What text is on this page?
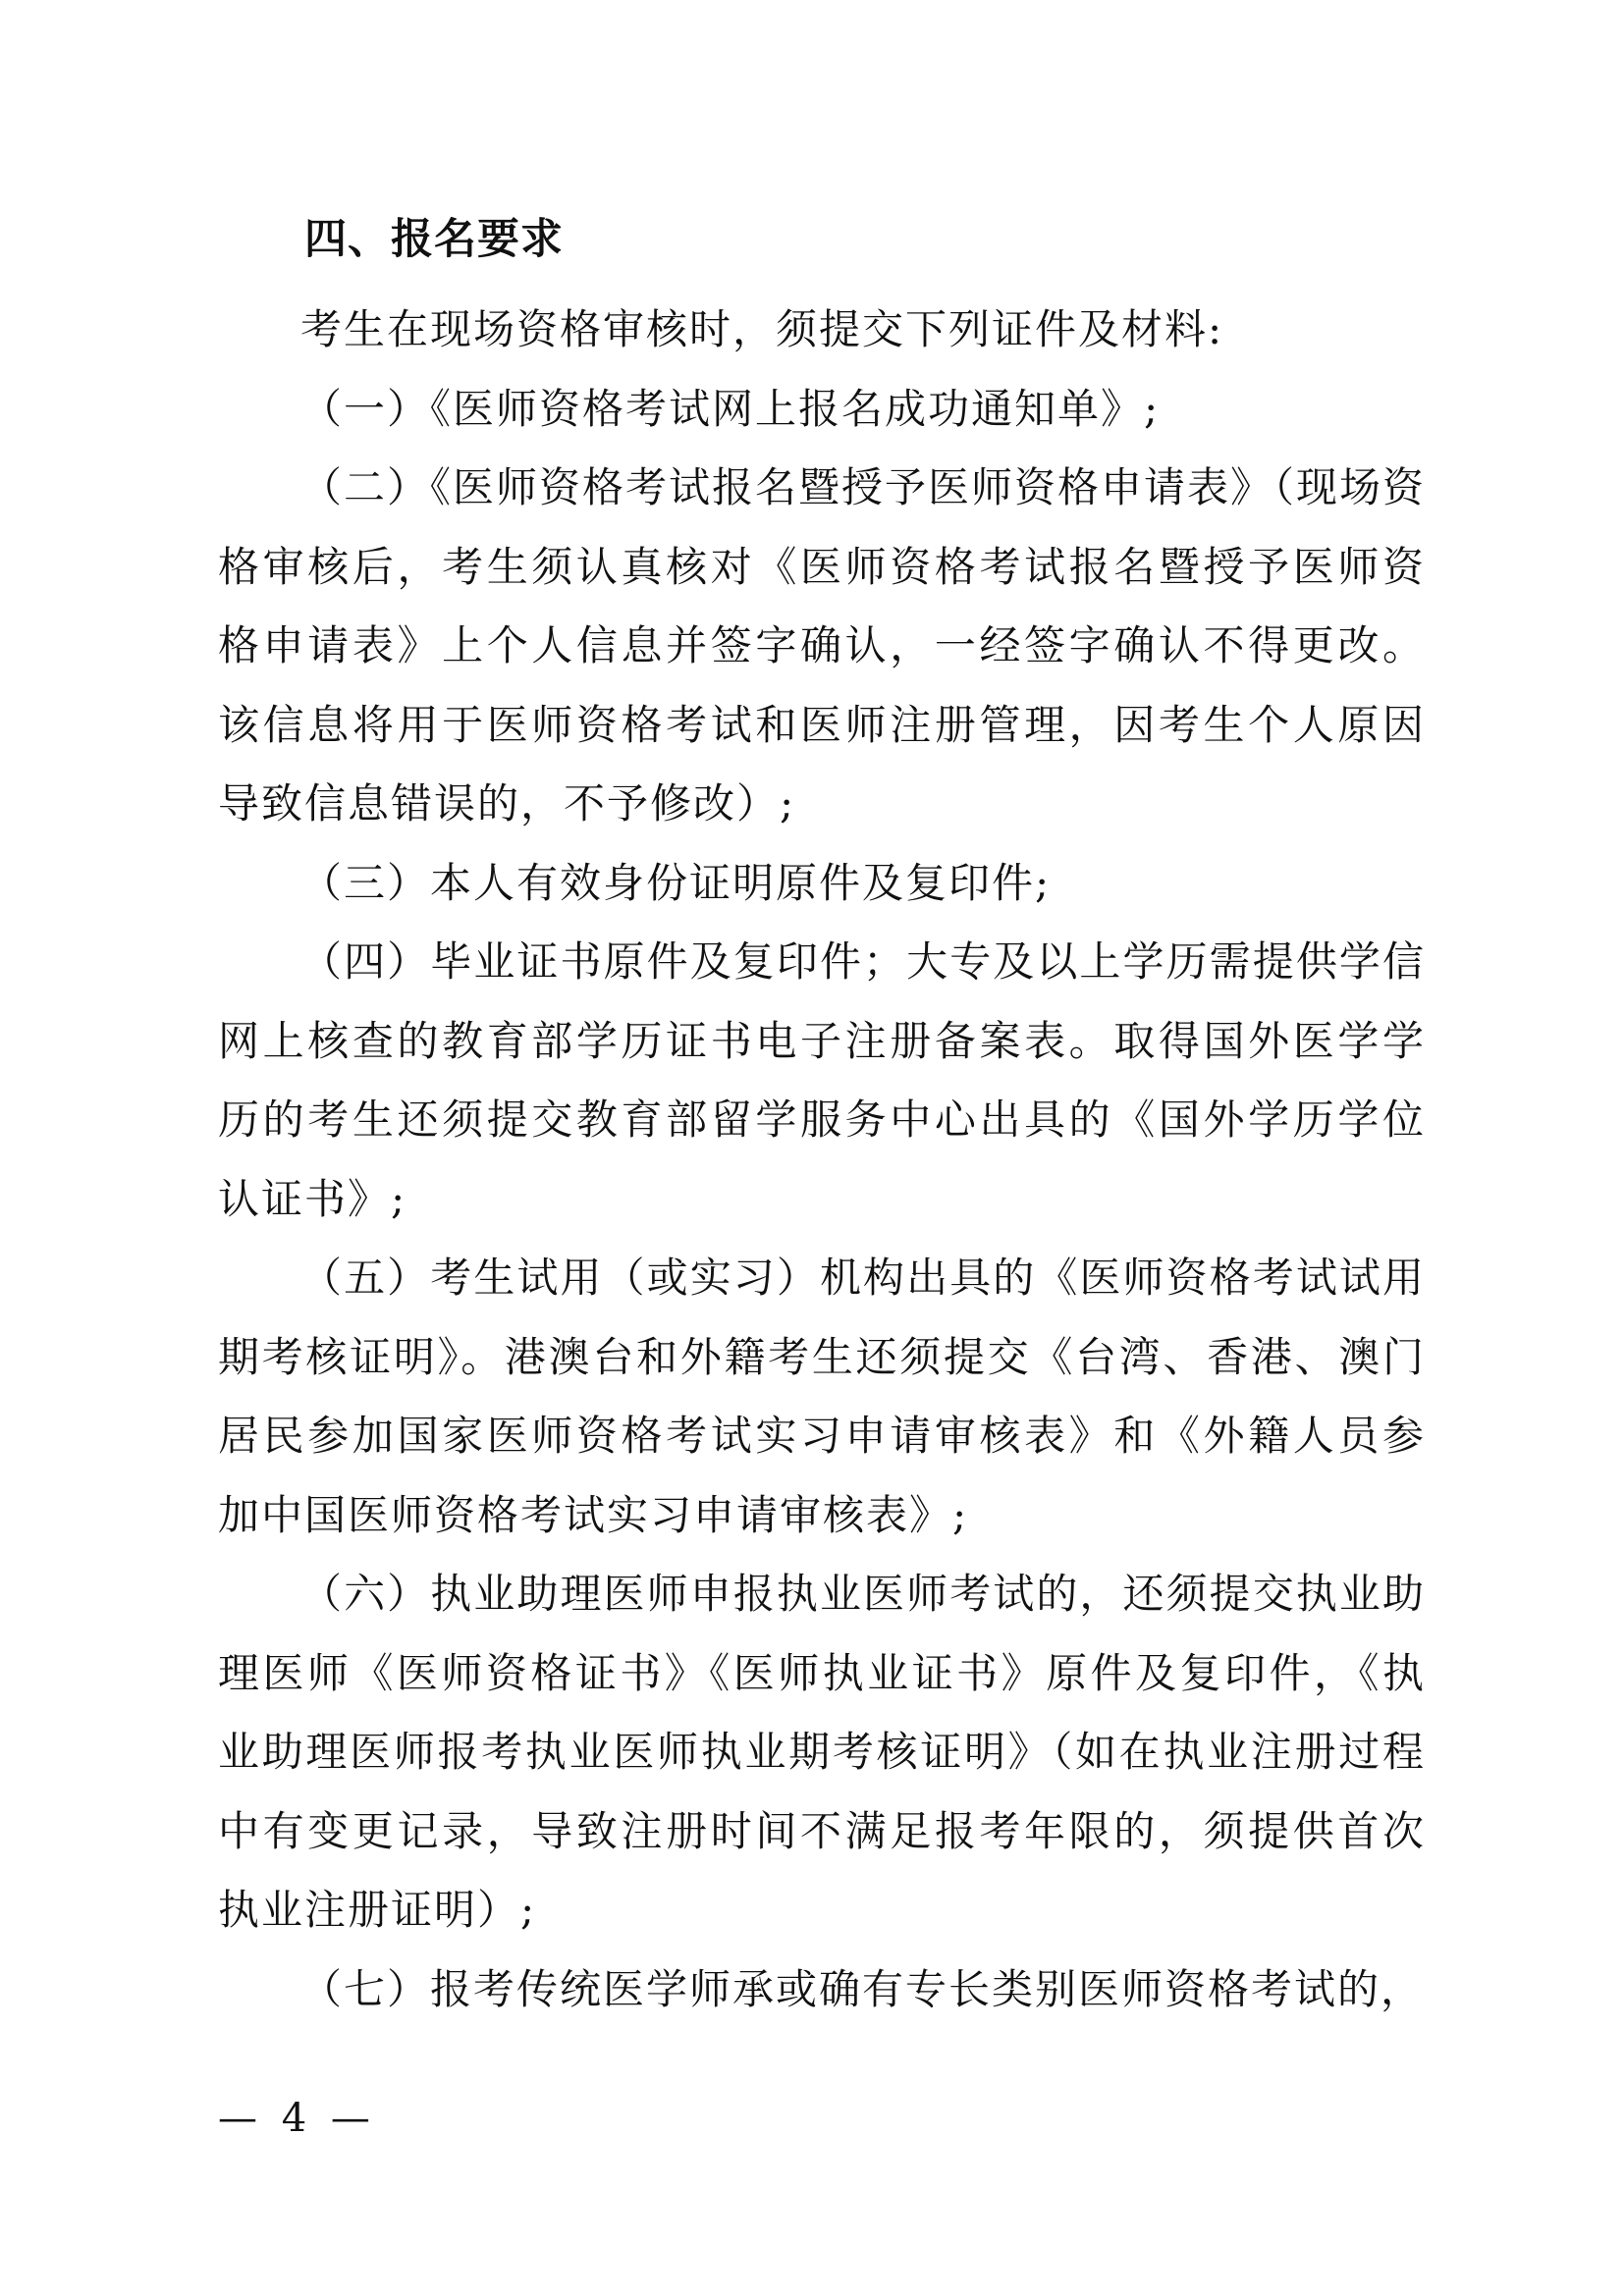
四、报名要求

考生在现场资格审核时，须提交下列证件及材料:

（一）《医师资格考试网上报名成功通知单》;

（二）《医师资格考试报名暨授予医师资格申请表》（现场资格审核后，考生须认真核对《医师资格考试报名暨授予医师资格申请表》上个人信息并签字确认，一经签字确认不得更改。该信息将用于医师资格考试和医师注册管理，因考生个人原因导致信息错误的，不予修改）;

（三）本人有效身份证明原件及复印件;

（四）毕业证书原件及复印件；大专及以上学历需提供学信网上核查的教育部学历证书电子注册备案表。取得国外医学学历的考生还须提交教育部留学服务中心出具的《国外学历学位认证书》;

（五）考生试用（或实习）机构出具的《医师资格考试试用期考核证明》。港澳台和外籍考生还须提交《台湾、香港、澳门居民参加国家医师资格考试实习申请审核表》和《外籍人员参加中国医师资格考试实习申请审核表》;

（六）执业助理医师申报执业医师考试的，还须提交执业助理医师《医师资格证书》《医师执业证书》原件及复印件，《执业助理医师报考执业医师执业期考核证明》（如在执业注册过程中有变更记录，导致注册时间不满足报考年限的，须提供首次执业注册证明）;

（七）报考传统医学师承或确有专长类别医师资格考试的，

— 4 —
